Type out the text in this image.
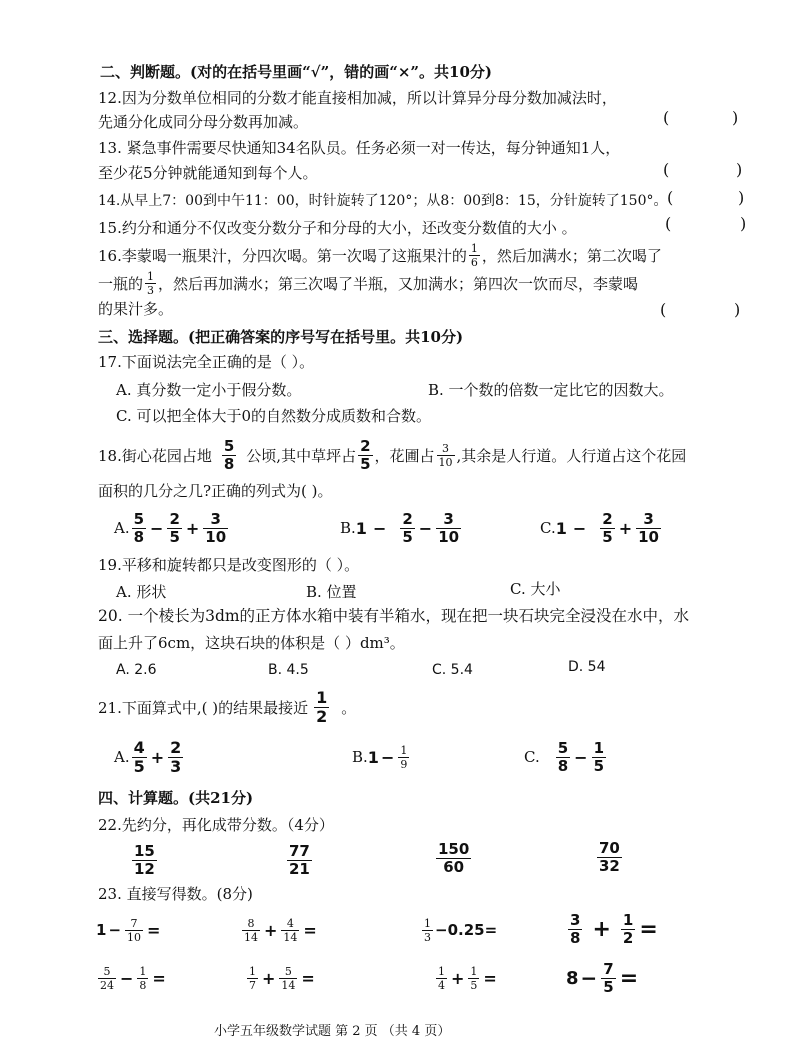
二、判断题。(对的在括号里画“√”，错的画“×”。共10分)
12.因为分数单位相同的分数才能直接相加减，所以计算异分母分数加减法时，
先通分化成同分母分数再加减。	(	)
13. 紧急事件需要尽快通知34名队员。任务必须一对一传达，每分钟通知1人，
至少花5分钟就能通知到每个人。	(	)
14.从早上7：00到中午11：00，时针旋转了120°；从8：00到8：15，分针旋转了150°。 (	)
15.约分和通分不仅改变分数分子和分母的大小，还改变分数值的大小 。	(	)
16.李蒙喝一瓶果汁，分四次喝。第一次喝了这瓶果汁的 $\frac{1}{6}$ ，然后加满水；第二次喝了
一瓶的 $\frac{1}{3}$ ，然后再加满水；第三次喝了半瓶，又加满水；第四次一饮而尽，李蒙喝
的果汁多。	(	)
三、选择题。(把正确答案的序号写在括号里。共10分)
17.下面说法完全正确的是（ ）。
A. 真分数一定小于假分数。	B. 一个数的倍数一定比它的因数大。
C. 可以把全体大于0的自然数分成质数和合数。
18.街心花园占地 $\frac{5}{8}$ 公顷,其中草坪占 $\frac{2}{5}$ ，花圃占 $\frac{3}{10}$ ,其余是人行道。人行道占这个花园
面积的几分之几?正确的列式为( )。
A. $\frac{5}{8} - \frac{2}{5} + \frac{3}{10}$	B. $1 - \frac{2}{5} - \frac{3}{10}$	C. $1 - \frac{2}{5} + \frac{3}{10}$
19.平移和旋转都只是改变图形的（ ）。
A. 形状	B. 位置	C. 大小
20. 一个棱长为3dm的正方体水箱中装有半箱水，现在把一块石块完全浸没在水中，水
面上升了6cm，这块石块的体积是（ ）dm³。
A. 2.6	B. 4.5	C. 5.4	D. 54
21.下面算式中,( )的结果最接近 $\frac{1}{2}$ 。
A. $\frac{4}{5} + \frac{2}{3}$	B. $1 - \frac{1}{9}$	C. $\frac{5}{8} - \frac{1}{5}$
四、计算题。(共21分)
22.先约分，再化成带分数。（4分）
$\frac{15}{12}$	$\frac{77}{21}$	$\frac{150}{60}$	$\frac{70}{32}$
23. 直接写得数。(8分)
$1 - \frac{7}{10}$ =	$\frac{8}{14} + \frac{4}{14}$ =	$\frac{1}{3} -0.25=$	$\frac{3}{8} + \frac{1}{2}$ =
$\frac{5}{24} - \frac{1}{8}$ =	$\frac{1}{7} + \frac{5}{14}$ =	$\frac{1}{4} + \frac{1}{5}$ =	$8 - \frac{7}{5}$ =
小学五年级数学试题 第 2 页 （共 4 页）
